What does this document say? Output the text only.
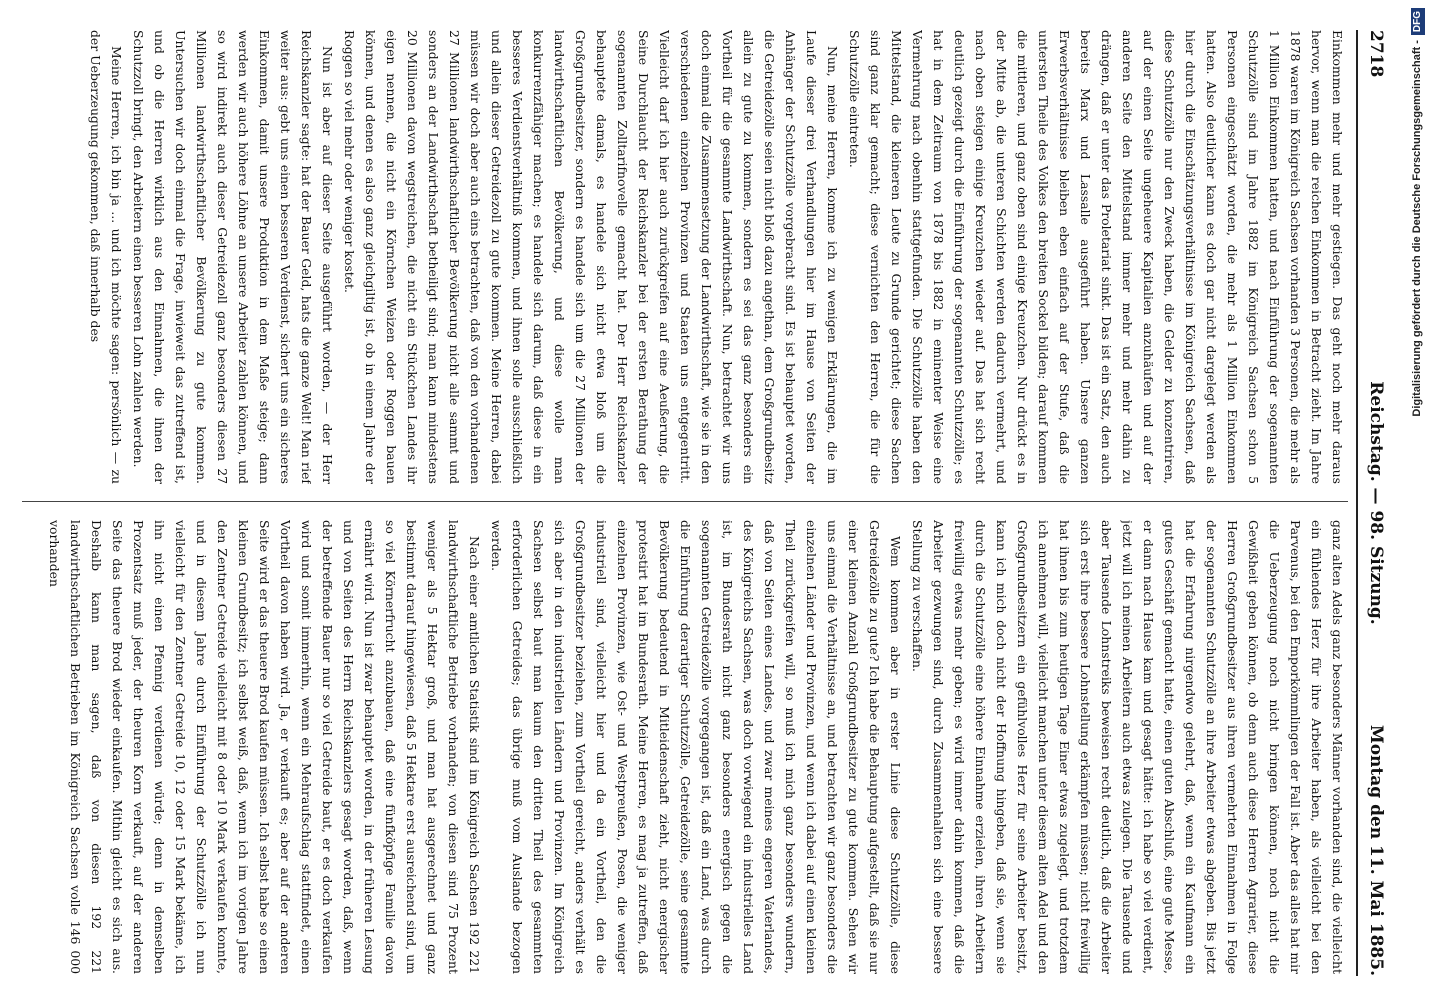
2718
Reichstag. — 98. Sitzung.
Montag den 11. Mai 1885.

Einkommen mehr und mehr gestiegen. Das geht noch mehr daraus hervor, wenn man die reichen Einkommen in Betracht zieht. Im Jahre 1878 waren im Königreich Sachsen vorhanden 3 Personen, die mehr als 1 Million Einkommen hatten, und nach Einführung der sogenannten Schutzzölle sind im Jahre 1882 im Königreich Sachsen schon 5 Personen eingeschätzt worden, die mehr als 1 Million Einkommen hatten. Also deutlicher kann es doch gar nicht dargelegt werden als hier durch die Einschätzungsverhältnisse im Königreich Sachsen, daß diese Schutzzölle nur den Zweck haben, die Gelder zu konzentriren, auf der einen Seite ungeheuere Kapitalien anzuhäufen und auf der anderen Seite den Mittelstand immer mehr und mehr dahin zu drängen, daß er unter das Proletariat sinkt. Das ist ein Satz, den auch bereits Marx und Lassalle ausgeführt haben. Unsere ganzen Erwerbsverhältnisse bleiben eben einfach auf der Stufe, daß die untersten Theile des Volkes den breiten Sockel bilden; darauf kommen die mittleren, und ganz oben sind einige Kreuzchen. Nur drückt es in der Mitte ab, die unteren Schichten werden dadurch vermehrt, und nach oben steigen einige Kreuzchen wieder auf. Das hat sich recht deutlich gezeigt durch die Einführung der sogenannten Schutzzölle; es hat in dem Zeitraum von 1878 bis 1882 in eminenter Weise eine Vermehrung nach obenhin stattgefunden. Die Schutzzölle haben den Mittelstand, die kleineren Leute zu Grunde gerichtet; diese Sachen sind ganz klar gemacht; diese vernichten den Herren, die für die Schutzzölle eintreten.

Nun, meine Herren, komme ich zu wenigen Erklärungen, die im Laufe dieser drei Verhandlungen hier im Hause von Seiten der Anhänger der Schutzzölle vorgebracht sind. Es ist behauptet worden, die Getreidezölle seien nicht bloß dazu angethan, dem Großgrundbesitz allein zu gute zu kommen, sondern es sei das ganz besonders ein Vortheil für die gesammte Landwirthschaft. Nun, betrachtet wir uns doch einmal die Zusammensetzung der Landwirthschaft, wie sie in den verschiedenen einzelnen Provinzen und Staaten uns entgegentritt. Vielleicht darf ich hier auch zurückgreifen auf eine Aeußerung, die Seine Durchlaucht der Reichskanzler bei der ersten Berathung der sogenannten Zolltarifnovelle gemacht hat. Der Herr Reichskanzler behauptete damals, es handele sich nicht etwa bloß um die Großgrundbesitzer, sondern es handele sich um die 27 Millionen der landwirthschaftlichen Bevölkerung, und diese wolle man konkurrenzfähiger machen; es handele sich darum, daß diese in ein besseres Verdienstverhältniß kommen, und ihnen solle ausschließlich und allein dieser Getreidezoll zu gute kommen. Meine Herren, dabei müssen wir doch aber auch eins betrachten, daß von den vorhandenen 27 Millionen landwirthschaftlicher Bevölkerung nicht alle sammt und sonders an der Landwirthschaft betheiligt sind; man kann mindestens 20 Millionen davon wegstreichen, die nicht ein Stückchen Landes ihr eigen nennen, die nicht ein Körnchen Weizen oder Roggen bauen können, und denen es also ganz gleichgiltig ist, ob in einem Jahre der Roggen so viel mehr oder weniger kostet.

Nun ist aber auf dieser Seite ausgeführt worden, — der Herr Reichskanzler sagte: hat der Bauer Geld, hats die ganze Welt! Man rief weiter aus: gebt uns einen besseren Verdienst, sichert uns ein sicheres Einkommen, damit unsere Produktion in dem Maße steige; dann werden wir auch höhere Löhne an unsere Arbeiter zahlen können, und so wird indirekt auch dieser Getreidezoll ganz besonders diesen 27 Millionen landwirthschaftlicher Bevölkerung zu gute kommen. Untersuchen wir doch einmal die Frage, inwieweit das zutreffend ist, und ob die Herren wirklich aus den Einnahmen, die ihnen der Schutzzoll bringt, den Arbeitern einen besseren Lohn zahlen werden.

Meine Herren, ich bin ja ... und ich möchte sagen: persönlich — zu der Ueberzeugung gekommen, daß innerhalb des

ganz alten Adels ganz besonders Männer vorhanden sind, die vielleicht ein fühlendes Herz für ihre Arbeiter haben, als vielleicht bei den Parvenus, bei den Emporkömmlingen der Fall ist. Aber das alles hat mir die Ueberzeugung noch nicht bringen können, noch nicht die Gewißheit geben können, ob denn auch diese Herren Agrarier, diese Herren Großgrundbesitzer aus ihren vermehrten Einnahmen in Folge der sogenannten Schutzzölle an ihre Arbeiter etwas abgeben. Bis jetzt hat die Erfahrung nirgendwo gelehrt, daß, wenn ein Kaufmann ein gutes Geschäft gemacht hatte, einen guten Abschluß, eine gute Messe, er dann nach Hause kam und gesagt hätte: ich habe so viel verdient, jetzt will ich meinen Arbeitern auch etwas zulegen. Die Tausende und aber Tausende Lohnstreiks beweisen recht deutlich, daß die Arbeiter sich erst ihre bessere Lohnstellung erkämpfen müssen; nicht freiwillig hat ihnen bis zum heutigen Tage Einer etwas zugelegt, und trotzdem ich annehmen will, vielleicht manchen unter diesem alten Adel und den Großgrundbesitzern ein gefühlvolles Herz für seine Arbeiter besitzt, kann ich mich doch nicht der Hoffnung hingeben, daß sie, wenn sie durch die Schutzzölle eine höhere Einnahme erzielen, ihren Arbeitern freiwillig etwas mehr geben; es wird immer dahin kommen, daß die Arbeiter gezwungen sind, durch Zusammenhalten sich eine bessere Stellung zu verschaffen.

Wem kommen aber in erster Linie diese Schutzzölle, diese Getreidezölle zu gute? Ich habe die Behauptung aufgestellt, daß sie nur einer kleinen Anzahl Großgrundbesitzer zu gute kommen. Sehen wir uns einmal die Verhältnisse an, und betrachten wir ganz besonders die einzelnen Länder und Provinzen, und wenn ich dabei auf einen kleinen Theil zurückgreifen will, so muß ich mich ganz besonders wundern, daß von Seiten eines Landes, und zwar meines engeren Vaterlandes, des Königreichs Sachsen, was doch vorwiegend ein industrielles Land ist, im Bundesrath nicht ganz besonders energisch gegen die sogenannten Getreidezölle vorgegangen ist, daß ein Land, was durch die Einführung derartiger Schutzzölle, Getreidezölle, seine gesammte Bevölkerung bedeutend in Mitleidenschaft zieht, nicht energischer protestirt hat im Bundesrath. Meine Herren, es mag ja zutreffen, daß einzelnen Provinzen, wie Ost- und Westpreußen, Posen, die weniger industriell sind, vielleicht hier und da ein Vortheil, den die Großgrundbesitzer beziehen, zum Vortheil gereicht, anders verhält es sich aber in den industriellen Ländern und Provinzen. Im Königreich Sachsen selbst baut man kaum den dritten Theil des gesammten erforderlichen Getreides; das übrige muß vom Auslande bezogen werden.

Nach einer amtlichen Statistik sind im Königreich Sachsen 192 221 landwirthschaftliche Betriebe vorhanden; von diesen sind 75 Prozent weniger als 5 Hektar groß, und man hat ausgerechnet und ganz bestimmt darauf hingewiesen, daß 5 Hektare erst ausreichend sind, um so viel Körnerfrucht anzubauen, daß eine fünfköpfige Familie davon ernährt wird. Nun ist zwar behauptet worden, in der früheren Lesung und von Seiten des Herrn Reichskanzlers gesagt worden, daß, wenn der betreffende Bauer nur so viel Getreide baut, er es doch verkaufen wird und somit immerhin, wenn ein Mehraufschlag stattfindet, einen Vortheil davon haben wird. Ja, er verkauft es; aber auf der anderen Seite wird er das theuere Brod kaufen müssen. Ich selbst habe so einen kleinen Grundbesitz; ich selbst weiß, daß, wenn ich im vorigen Jahre den Zentner Getreide vielleicht mit 8 oder 10 Mark verkaufen konnte, und in diesem Jahre durch Einführung der Schutzzölle ich nun vielleicht für den Zentner Getreide 10, 12 oder 15 Mark bekäme, ich ihn nicht einen Pfennig verdienen würde; denn in demselben Prozentsatz muß jeder, der theuren Korn verkauft, auf der anderen Seite das theuere Brod wieder einkaufen. Mithin gleicht es sich aus. Deshalb kann man sagen, daß von diesen 192 221 landwirthschaftlichen Betrieben im Königreich Sachsen volle 146 000 vorhanden

Digitalisierung gefördert durch die Deutsche Forschungsgemeinschaft -DFG
